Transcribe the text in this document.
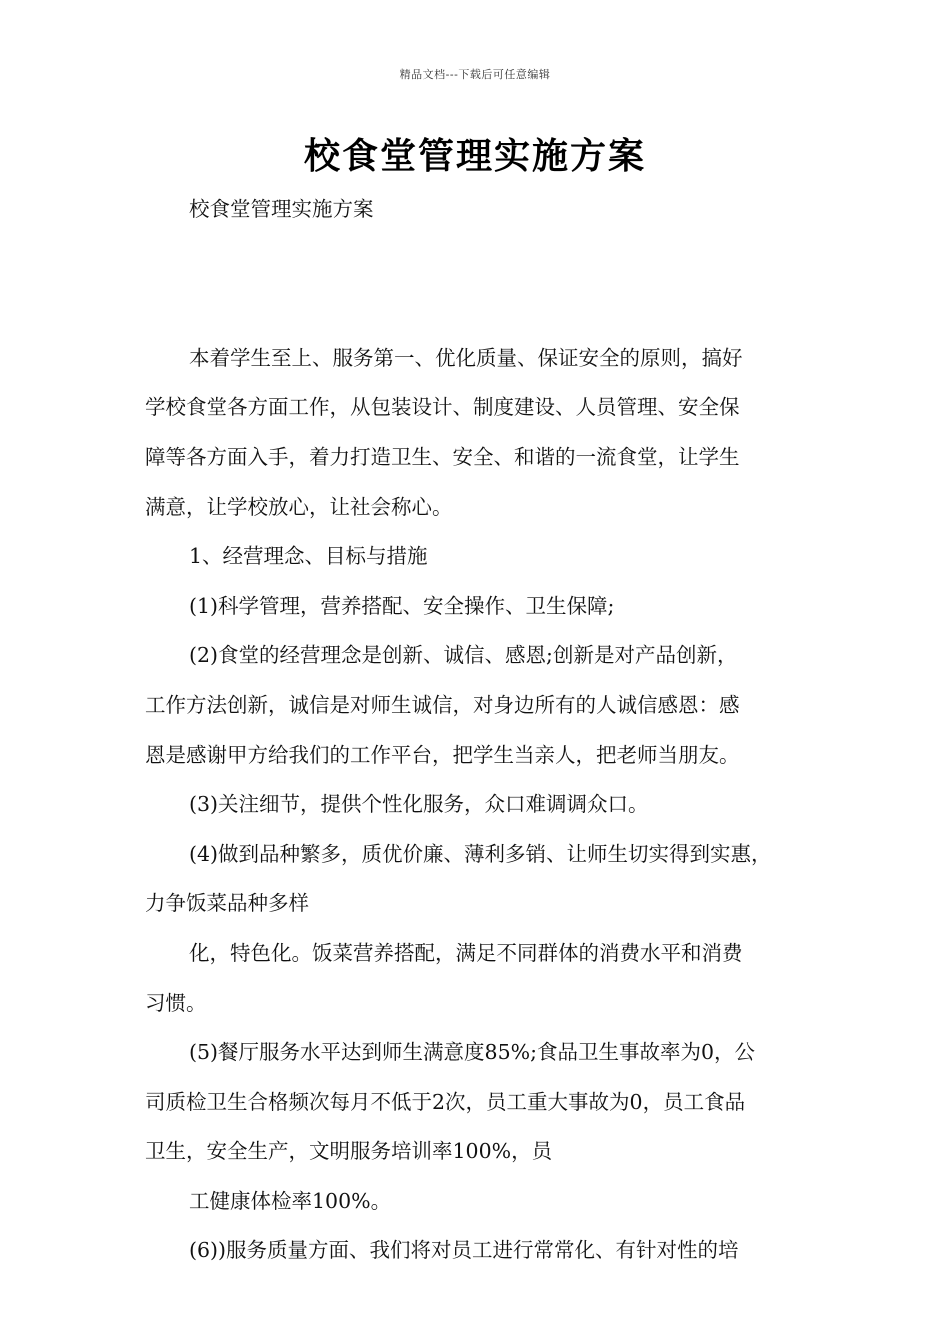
精品文档---下载后可任意编辑
校食堂管理实施方案
校食堂管理实施方案
本着学生至上、服务第一、优化质量、保证安全的原则，搞好
学校食堂各方面工作，从包装设计、制度建设、人员管理、安全保
障等各方面入手，着力打造卫生、安全、和谐的一流食堂，让学生
满意，让学校放心，让社会称心。
1、经营理念、目标与措施
(1)科学管理，营养搭配、安全操作、卫生保障;
(2)食堂的经营理念是创新、诚信、感恩;创新是对产品创新，
工作方法创新，诚信是对师生诚信，对身边所有的人诚信感恩：感
恩是感谢甲方给我们的工作平台，把学生当亲人，把老师当朋友。
(3)关注细节，提供个性化服务，众口难调调众口。
(4)做到品种繁多，质优价廉、薄利多销、让师生切实得到实惠，
力争饭菜品种多样
化，特色化。饭菜营养搭配，满足不同群体的消费水平和消费
习惯。
(5)餐厅服务水平达到师生满意度85%;食品卫生事故率为0，公
司质检卫生合格频次每月不低于2次，员工重大事故为0，员工食品
卫生，安全生产，文明服务培训率100%，员
工健康体检率100%。
(6))服务质量方面、我们将对员工进行常常化、有针对性的培
